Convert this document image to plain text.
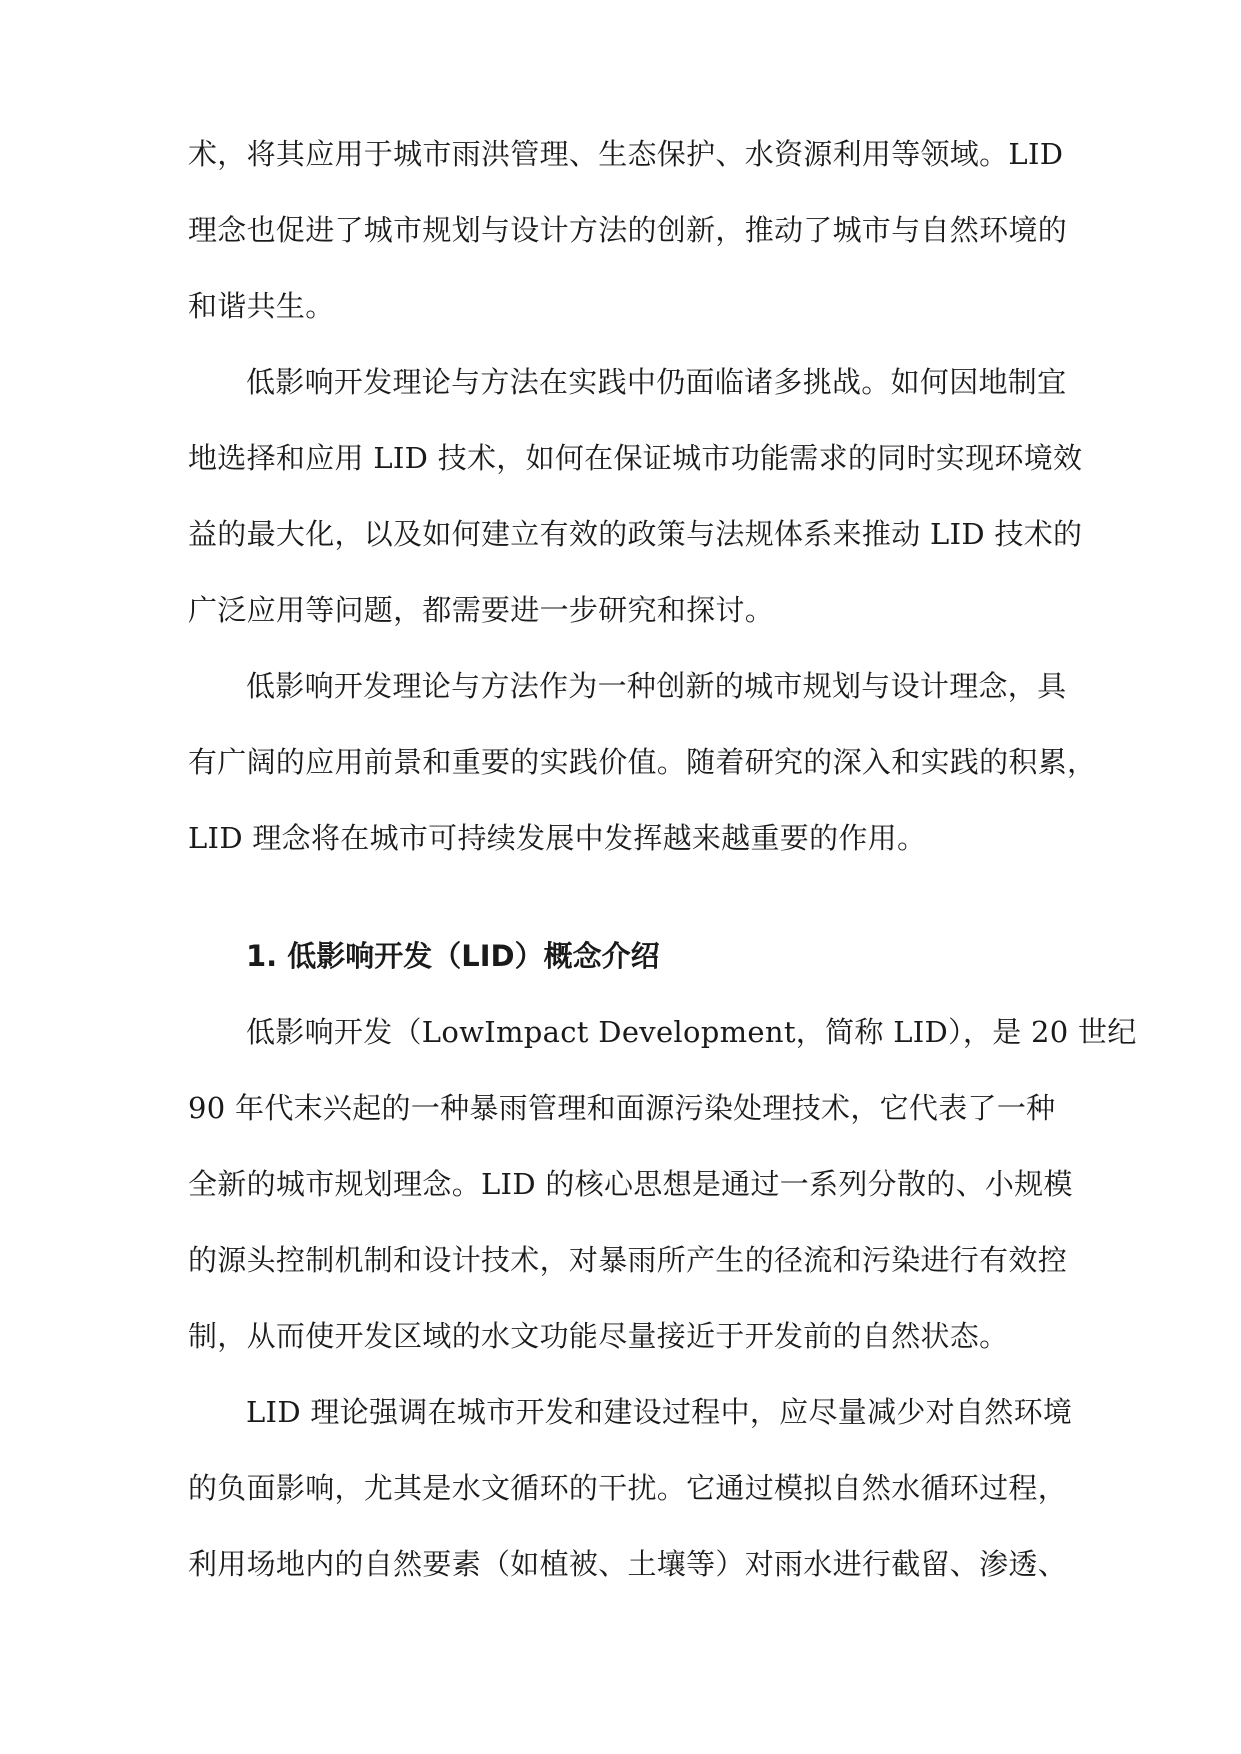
术，将其应用于城市雨洪管理、生态保护、水资源利用等领域。LID
理念也促进了城市规划与设计方法的创新，推动了城市与自然环境的
和谐共生。
低影响开发理论与方法在实践中仍面临诸多挑战。如何因地制宜
地选择和应用 LID 技术，如何在保证城市功能需求的同时实现环境效
益的最大化，以及如何建立有效的政策与法规体系来推动 LID 技术的
广泛应用等问题，都需要进一步研究和探讨。
低影响开发理论与方法作为一种创新的城市规划与设计理念，具
有广阔的应用前景和重要的实践价值。随着研究的深入和实践的积累，
LID 理念将在城市可持续发展中发挥越来越重要的作用。
1. 低影响开发（LID）概念介绍
低影响开发（LowImpact Development，简称 LID），是 20 世纪
90 年代末兴起的一种暴雨管理和面源污染处理技术，它代表了一种
全新的城市规划理念。LID 的核心思想是通过一系列分散的、小规模
的源头控制机制和设计技术，对暴雨所产生的径流和污染进行有效控
制，从而使开发区域的水文功能尽量接近于开发前的自然状态。
LID 理论强调在城市开发和建设过程中，应尽量减少对自然环境
的负面影响，尤其是水文循环的干扰。它通过模拟自然水循环过程，
利用场地内的自然要素（如植被、土壤等）对雨水进行截留、渗透、
